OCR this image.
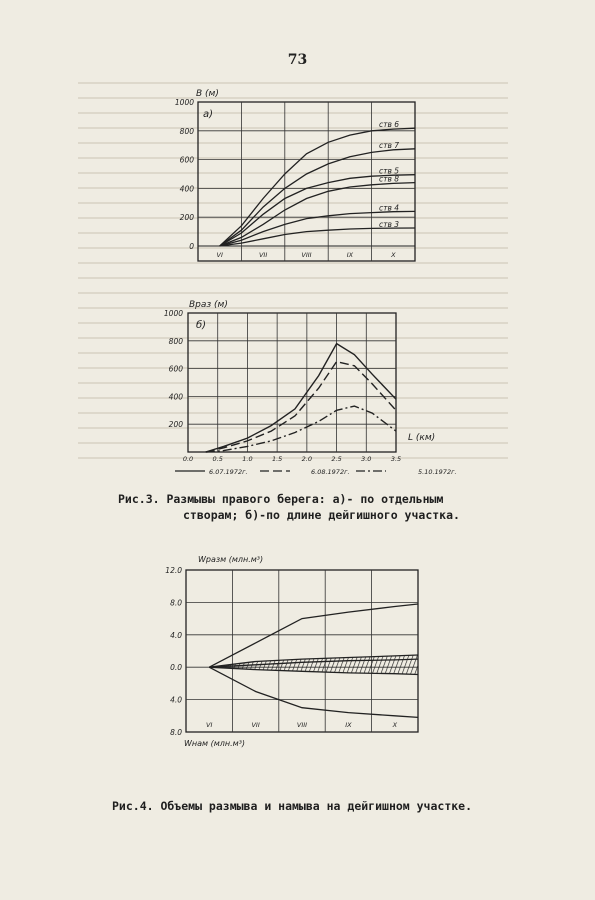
73
0
200
400
600
800
1000
VI	VII	VIII	IX	X
B (м)
а)
ств 6
ств 7
ств 5
ств 8
ств 4
ств 3
0.0	0.5	1.0	1.5	2.0	2.5	3.0	3.5
200
400
600
800
1000
Bраз (м)
L (км)
б)
6.07.1972г.	6.08.1972г.	5.10.1972г.
12.0
8.0
4.0
0.0
4.0
8.0
VI	VII	VIII	IX	X
Wразм (млн.м³)
Wнам (млн.м³)
Рис.3. Размывы правого берега: а)- по отдельным
створам; б)-по длине дейгишного участка.
Рис.4. Объемы размыва и намыва на дейгишном участке.
